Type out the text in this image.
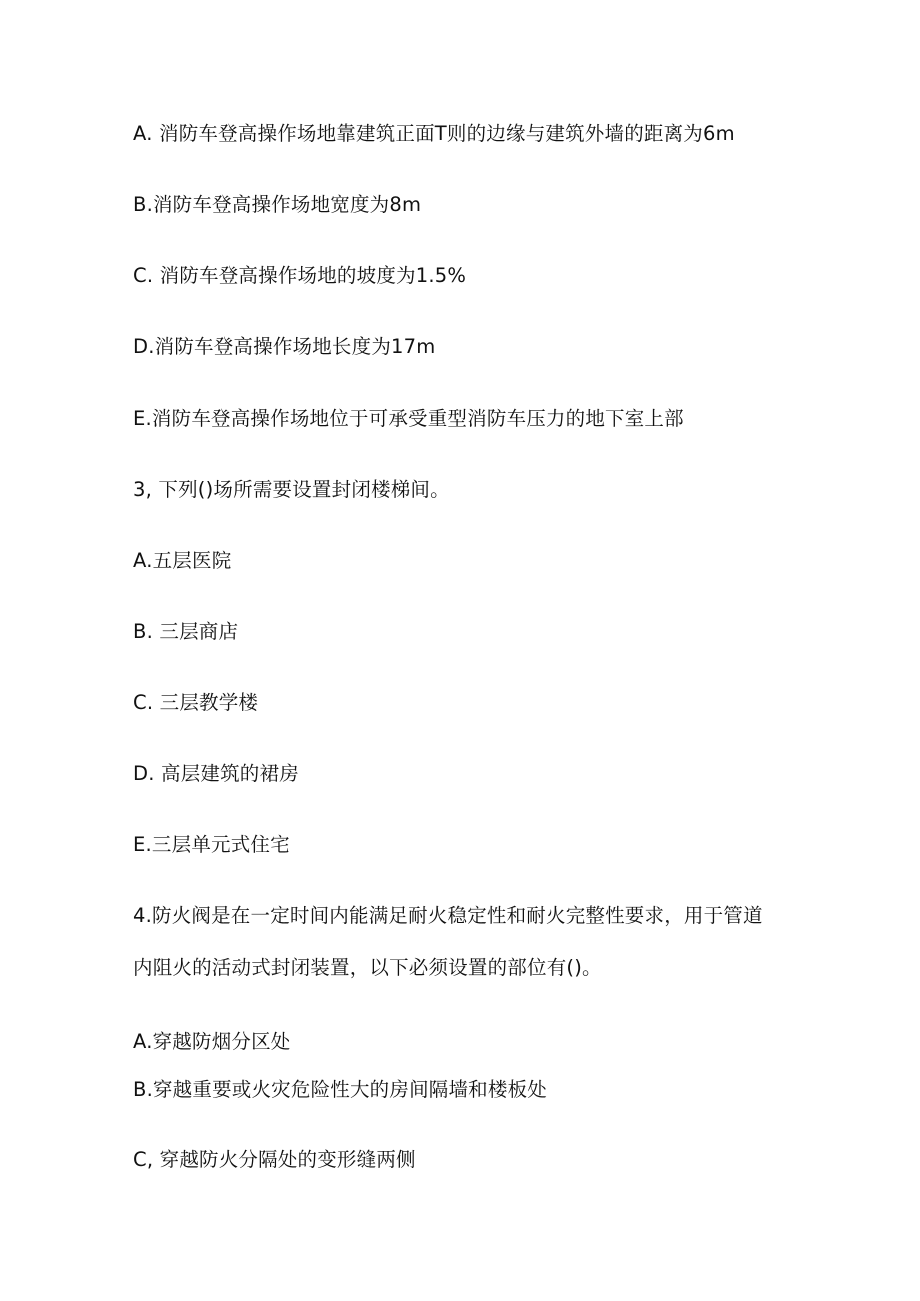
A. 消防车登高操作场地靠建筑正面T则的边缘与建筑外墙的距离为6m
B.消防车登高操作场地宽度为8m
C. 消防车登高操作场地的坡度为1.5%
D.消防车登高操作场地长度为17m
E.消防车登高操作场地位于可承受重型消防车压力的地下室上部
3, 下列()场所需要设置封闭楼梯间。
A.五层医院
B. 三层商店
C. 三层教学楼
D. 高层建筑的裙房
E.三层单元式住宅
4.防火阀是在一定时间内能满足耐火稳定性和耐火完整性要求，用于管道
内阻火的活动式封闭装置，以下必须设置的部位有()。
A.穿越防烟分区处
B.穿越重要或火灾危险性大的房间隔墙和楼板处
C, 穿越防火分隔处的变形缝两侧
